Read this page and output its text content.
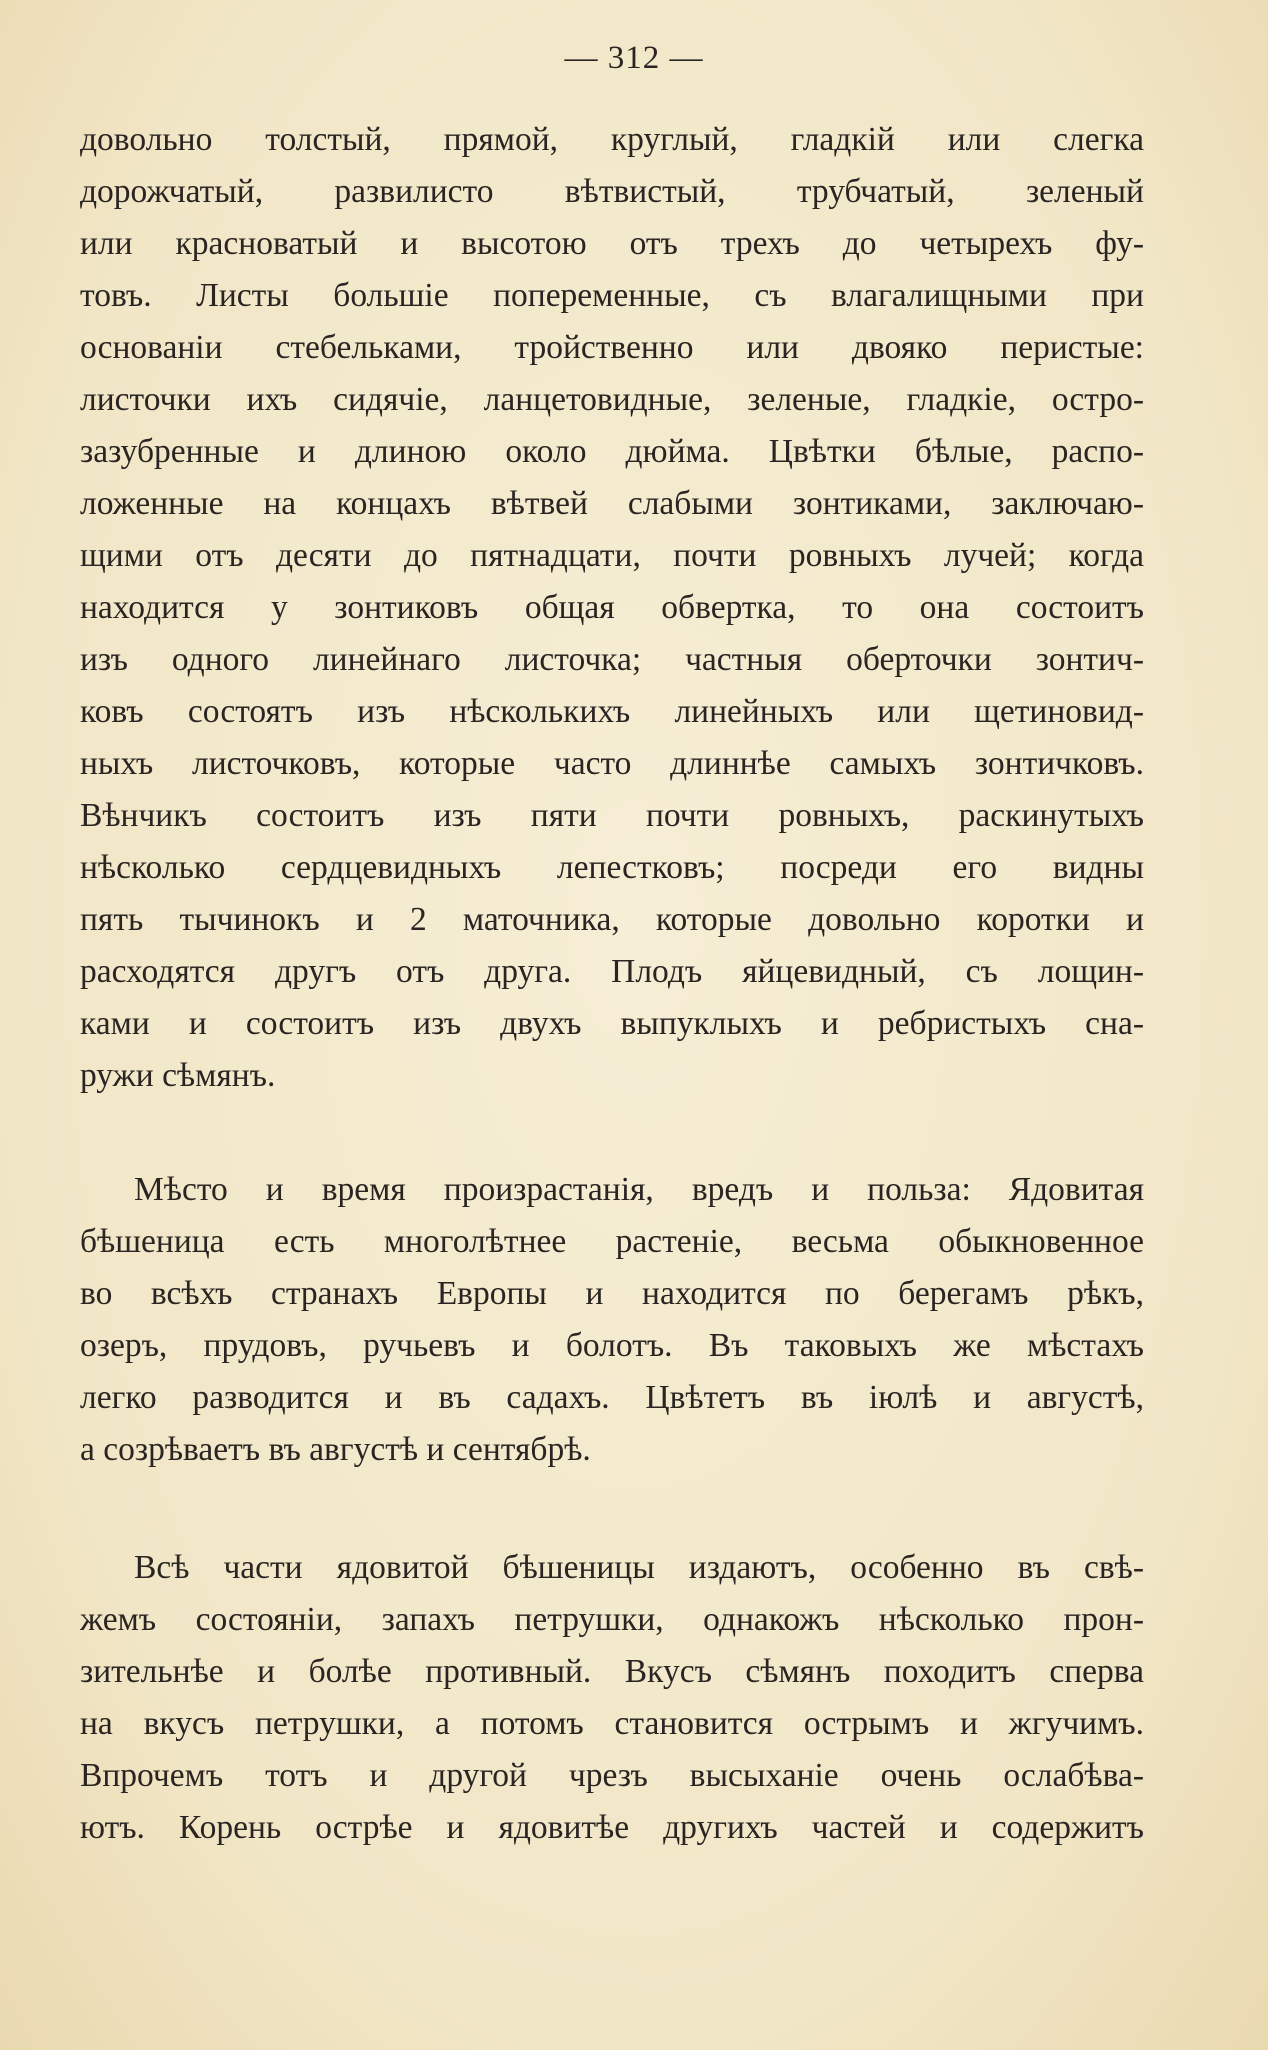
— 312 —
довольно толстый, прямой, круглый, гладкій или слегка
дорожчатый, развилисто вѣтвистый, трубчатый, зеленый
или красноватый и высотою отъ трехъ до четырехъ фу-
товъ. Листы большіе попеременные, съ влагалищными при
основаніи стебельками, тройственно или двояко перистые:
листочки ихъ сидячіе, ланцетовидные, зеленые, гладкіе, остро-
зазубренные и длиною около дюйма. Цвѣтки бѣлые, распо-
ложенные на концахъ вѣтвей слабыми зонтиками, заключаю-
щими отъ десяти до пятнадцати, почти ровныхъ лучей; когда
находится у зонтиковъ общая обвертка, то она состоитъ
изъ одного линейнаго листочка; частныя оберточки зонтич-
ковъ состоятъ изъ нѣсколькихъ линейныхъ или щетиновид-
ныхъ листочковъ, которые часто длиннѣе самыхъ зонтичковъ.
Вѣнчикъ состоитъ изъ пяти почти ровныхъ, раскинутыхъ
нѣсколько сердцевидныхъ лепестковъ; посреди его видны
пять тычинокъ и 2 маточника, которые довольно коротки и
расходятся другъ отъ друга. Плодъ яйцевидный, съ лощин-
ками и состоитъ изъ двухъ выпуклыхъ и ребристыхъ сна-
ружи сѣмянъ.
Мѣсто и время произрастанія, вредъ и польза: Ядовитая
бѣшеница есть многолѣтнее растеніе, весьма обыкновенное
во всѣхъ странахъ Европы и находится по берегамъ рѣкъ,
озеръ, прудовъ, ручьевъ и болотъ. Въ таковыхъ же мѣстахъ
легко разводится и въ садахъ. Цвѣтетъ въ іюлѣ и августѣ,
а созрѣваетъ въ августѣ и сентябрѣ.
Всѣ части ядовитой бѣшеницы издаютъ, особенно въ свѣ-
жемъ состояніи, запахъ петрушки, однакожъ нѣсколько прон-
зительнѣе и болѣе противный. Вкусъ сѣмянъ походитъ сперва
на вкусъ петрушки, а потомъ становится острымъ и жгучимъ.
Впрочемъ тотъ и другой чрезъ высыханіе очень ослабѣва-
ютъ. Корень острѣе и ядовитѣе другихъ частей и содержитъ
